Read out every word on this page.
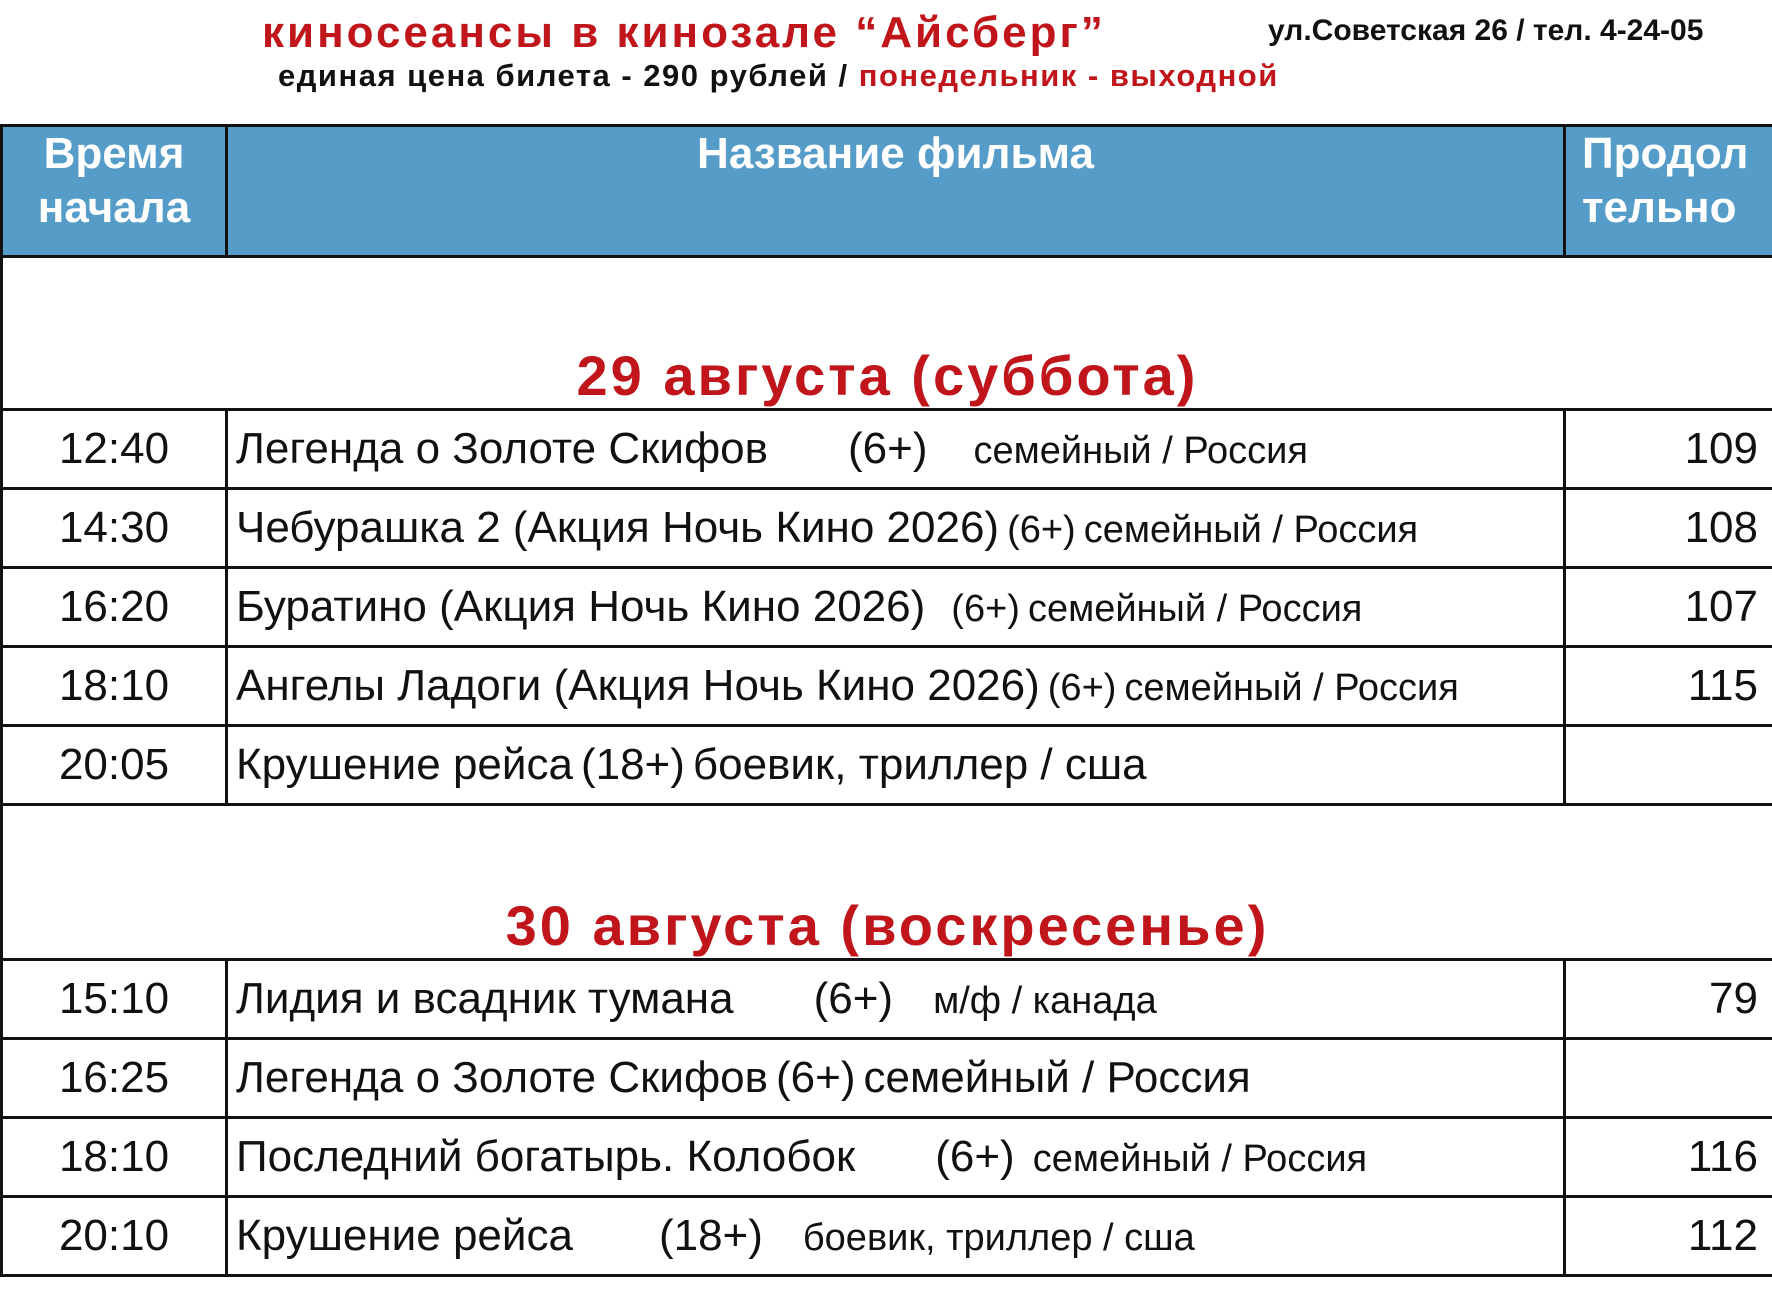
киносеансы в кинозале “Айсберг”	ул.Советская 26 / тел. 4-24-05
единая цена билета - 290 рублей / понедельник - выходной
Время
начала	Название фильма	Продол
тельно

29 августа (суббота)		
12:40	Легенда о Золоте Скифов (6+) семейный / Россия	109
14:30	Чебурашка 2 (Акция Ночь Кино 2026) (6+) семейный / Россия	108
16:20	Буратино (Акция Ночь Кино 2026) (6+) семейный / Россия	107
18:10	Ангелы Ладоги (Акция Ночь Кино 2026) (6+) семейный / Россия	115
20:05	Крушение рейса (18+) боевик, триллер / сша	
30 августа (воскресенье)		
15:10	Лидия и всадник тумана (6+) м/ф / канада	79
16:25	Легенда о Золоте Скифов (6+) семейный / Россия	
18:10	Последний богатырь. Колобок (6+) семейный / Россия	116
20:10	Крушение рейса (18+) боевик, триллер / сша	112
